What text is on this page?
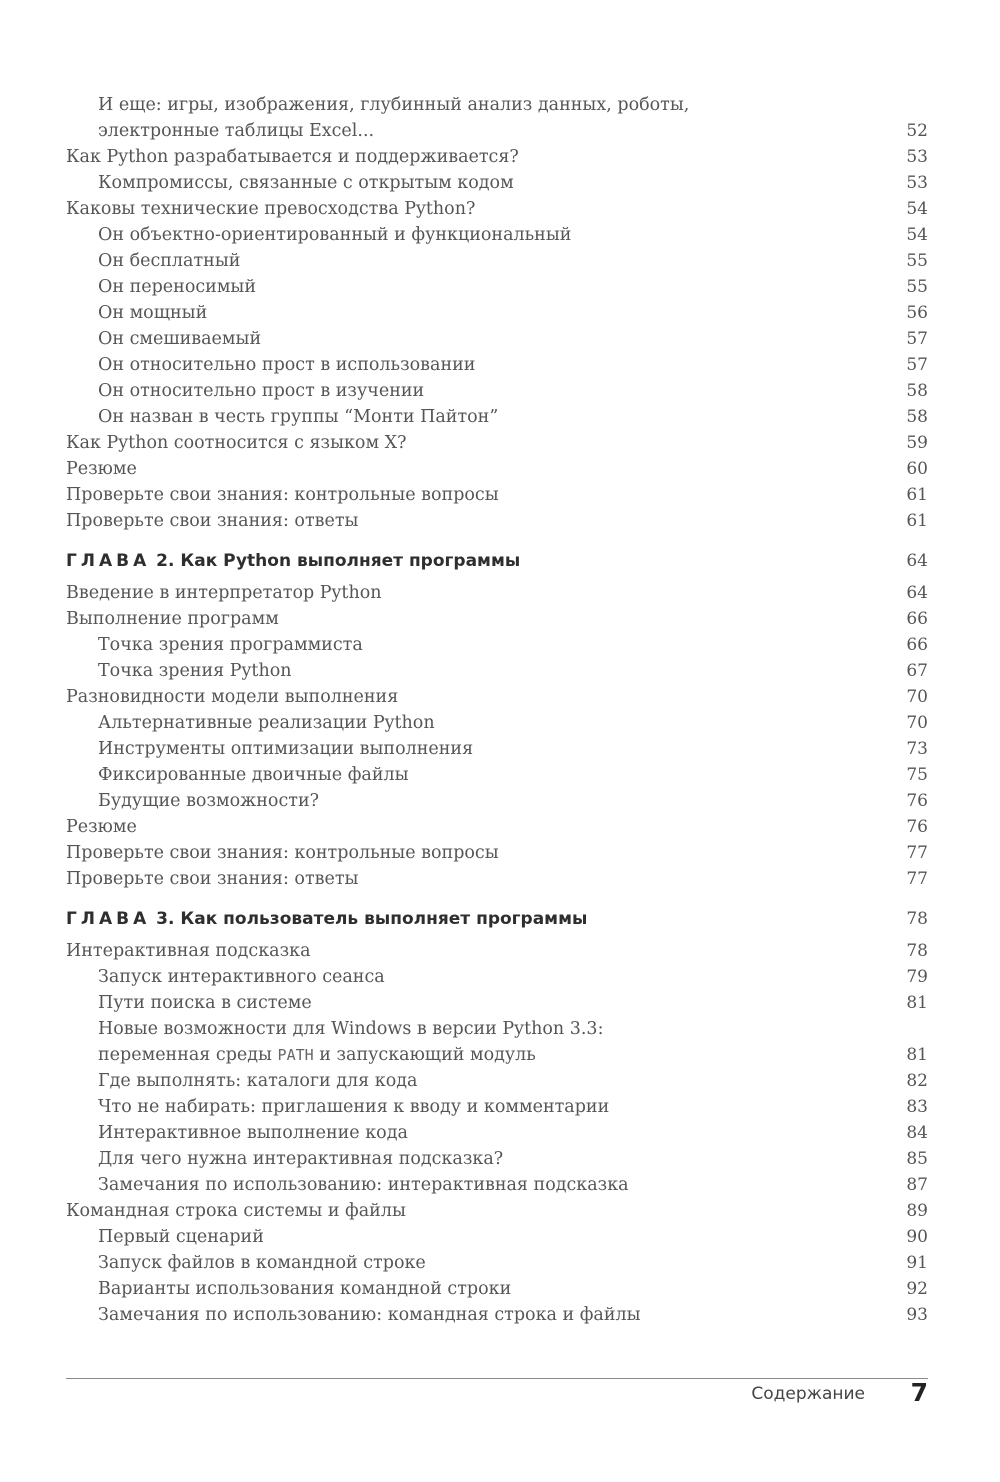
И еще: игры, изображения, глубинный анализ данных, роботы,
электронные таблицы Excel...	52
Как Python разрабатывается и поддерживается?	53
Компромиссы, связанные с открытым кодом	53
Каковы технические превосходства Python?	54
Он объектно-ориентированный и функциональный	54
Он бесплатный	55
Он переносимый	55
Он мощный	56
Он смешиваемый	57
Он относительно прост в использовании	57
Он относительно прост в изучении	58
Он назван в честь группы “Монти Пайтон”	58
Как Python соотносится с языком X?	59
Резюме	60
Проверьте свои знания: контрольные вопросы	61
Проверьте свои знания: ответы	61
ГЛАВА 2. Как Python выполняет программы	64
Введение в интерпретатор Python	64
Выполнение программ	66
Точка зрения программиста	66
Точка зрения Python	67
Разновидности модели выполнения	70
Альтернативные реализации Python	70
Инструменты оптимизации выполнения	73
Фиксированные двоичные файлы	75
Будущие возможности?	76
Резюме	76
Проверьте свои знания: контрольные вопросы	77
Проверьте свои знания: ответы	77
ГЛАВА 3. Как пользователь выполняет программы	78
Интерактивная подсказка	78
Запуск интерактивного сеанса	79
Пути поиска в системе	81
Новые возможности для Windows в версии Python 3.3:
переменная среды PATH и запускающий модуль	81
Где выполнять: каталоги для кода	82
Что не набирать: приглашения к вводу и комментарии	83
Интерактивное выполнение кода	84
Для чего нужна интерактивная подсказка?	85
Замечания по использованию: интерактивная подсказка	87
Командная строка системы и файлы	89
Первый сценарий	90
Запуск файлов в командной строке	91
Варианты использования командной строки	92
Замечания по использованию: командная строка и файлы	93
Содержание 7
